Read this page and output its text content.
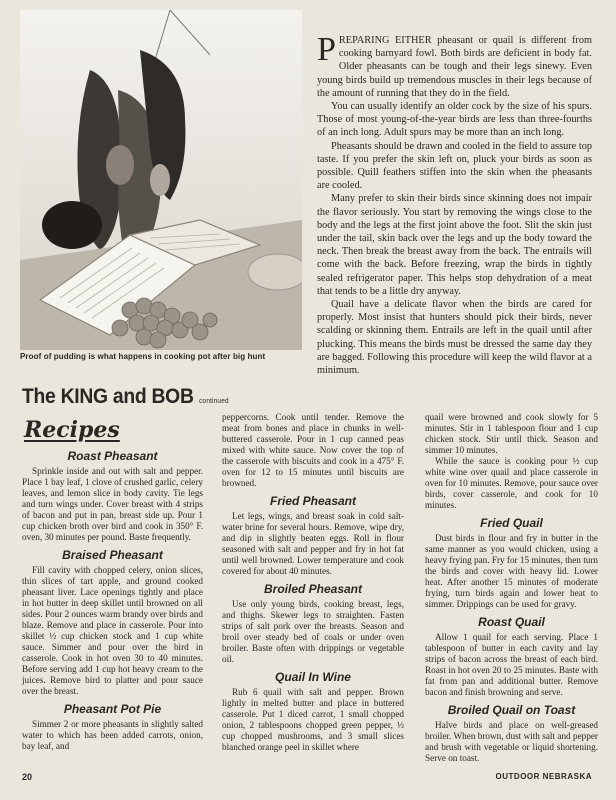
Proof of pudding is what happens in cooking pot after big hunt

PREPARING EITHER pheasant or quail is different from cooking barnyard fowl. Both birds are deficient in body fat. Older pheasants can be tough and their legs sinewy. Even young birds build up tremendous muscles in their legs because of the amount of running that they do in the field.

You can usually identify an older cock by the size of his spurs. Those of most young-of-the-year birds are less than three-fourths of an inch long. Adult spurs may be more than an inch long.

Pheasants should be drawn and cooled in the field to assure top taste. If you prefer the skin left on, pluck your birds as soon as possible. Quill feathers stiffen into the skin when the pheasants are cooled.

Many prefer to skin their birds since skinning does not impair the flavor seriously. You start by removing the wings close to the body and the legs at the first joint above the foot. Slit the skin just under the tail, skin back over the legs and up the body toward the neck. Then break the breast away from the back. The entrails will come with the back. Before freezing, wrap the birds in tightly sealed refrigerator paper. This helps stop dehydration of a meat that tends to be a little dry anyway.

Quail have a delicate flavor when the birds are cared for properly. Most insist that hunters should pick their birds, never scalding or skinning them. Entrails are left in the quail until after plucking. This means the birds must be dressed the same day they are bagged. Following this procedure will keep the wild flavor at a minimum.

The KING and BOB continued
Recipes
Roast Pheasant

Sprinkle inside and out with salt and pepper. Place 1 bay leaf, 1 clove of crushed garlic, celery leaves, and lemon slice in body cavity. Tie legs and turn wings under. Cover breast with 4 strips of bacon and put in pan, breast side up. Pour 1 cup chicken broth over bird and cook in 350° F. oven, 30 minutes per pound. Baste frequently.

Braised Pheasant

Fill cavity with chopped celery, onion slices, thin slices of tart apple, and ground cooked pheasant liver. Lace openings tightly and place in hot butter in deep skillet until browned on all sides. Pour 2 ounces warm brandy over birds and blaze. Remove and place in casserole. Pour into skillet ½ cup chicken stock and 1 cup white sauce. Simmer and pour over the bird in casserole. Cook in hot oven 30 to 40 minutes. Before serving add 1 cup hot heavy cream to the juices. Remove bird to platter and pour sauce over the breast.

Pheasant Pot Pie

Simmer 2 or more pheasants in slightly salted water to which has been added carrots, onion, bay leaf, and

peppercorns. Cook until tender. Remove the meat from bones and place in chunks in well-buttered casserole. Pour in 1 cup canned peas mixed with white sauce. Now cover the top of the casserole with biscuits and cook in a 475° F. oven for 12 to 15 minutes until biscuits are browned.

Fried Pheasant

Let legs, wings, and breast soak in cold salt-water brine for several hours. Remove, wipe dry, and dip in slightly beaten eggs. Roll in flour seasoned with salt and pepper and fry in hot fat until well browned. Lower temperature and cook covered for about 40 minutes.

Broiled Pheasant

Use only young birds, cooking breast, legs, and thighs. Skewer legs to straighten. Fasten strips of salt pork over the breasts. Season and broil over steady bed of coals or under oven broiler. Baste often with drippings or vegetable oil.

Quail In Wine

Rub 6 quail with salt and pepper. Brown lightly in melted butter and place in buttered casserole. Put 1 diced carrot, 1 small chopped onion, 2 tablespoons chopped green pepper, ½ cup chopped mushrooms, and 3 small slices blanched orange peel in skillet where

quail were browned and cook slowly for 5 minutes. Stir in 1 tablespoon flour and 1 cup chicken stock. Stir until thick. Season and simmer 10 minutes.

While the sauce is cooking pour ½ cup white wine over quail and place casserole in oven for 10 minutes. Remove, pour sauce over birds, cover casserole, and cook for 10 minutes.

Fried Quail

Dust birds in flour and fry in butter in the same manner as you would chicken, using a heavy frying pan. Fry for 15 minutes, then turn the birds and cover with heavy lid. Lower heat. After another 15 minutes of moderate frying, turn birds again and lower heat to simmer. Drippings can be used for gravy.

Roast Quail

Allow 1 quail for each serving. Place 1 tablespoon of butter in each cavity and lay strips of bacon across the breast of each bird. Roast in hot oven 20 to 25 minutes. Baste with fat from pan and additional butter. Remove bacon and finish browning and serve.

Broiled Quail on Toast

Halve birds and place on well-greased broiler. When brown, dust with salt and pepper and brush with vegetable or liquid shortening. Serve on toast.

20	OUTDOOR NEBRASKA
